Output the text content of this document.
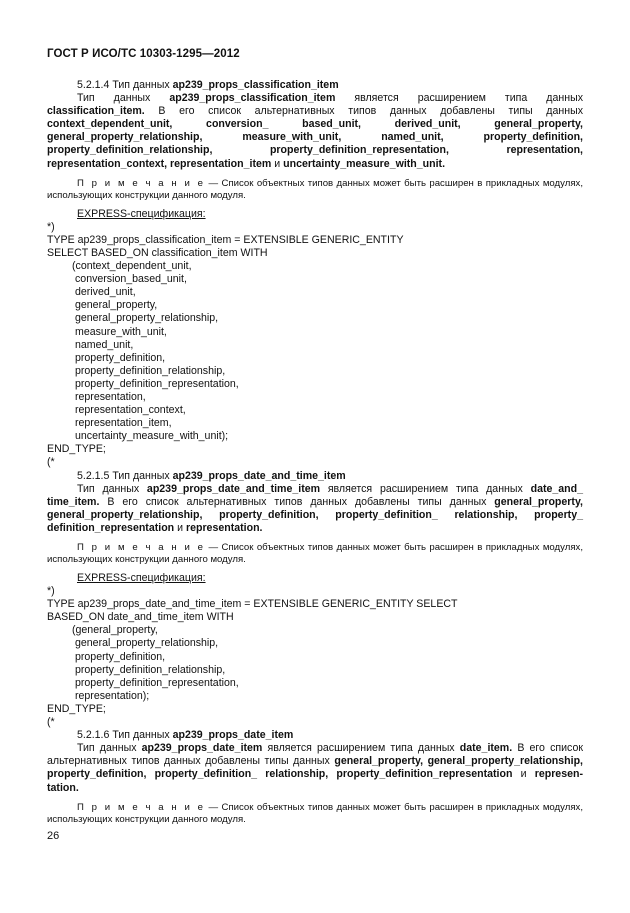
ГОСТ Р ИСО/ТС 10303-1295—2012
5.2.1.4 Тип данных ap239_props_classification_item

Тип данных ap239_props_classification_item является расширением типа данных classification_item. В его список альтернативных типов данных добавлены типы данных context_dependent_unit, conversion_ based_unit, derived_unit, general_property, general_property_relationship, measure_with_unit, named_unit, property_definition, property_definition_relationship, property_definition_representation, representation, representation_context, representation_item и uncertainty_measure_with_unit.

П р и м е ч а н и е — Список объектных типов данных может быть расширен в прикладных модулях, использующих конструкции данного модуля.

EXPRESS-спецификация:
*)
TYPE ap239_props_classification_item = EXTENSIBLE GENERIC_ENTITY
SELECT BASED_ON classification_item WITH
(context_dependent_unit,
conversion_based_unit,
derived_unit,
general_property,
general_property_relationship,
measure_with_unit,
named_unit,
property_definition,
property_definition_relationship,
property_definition_representation,
representation,
representation_context,
representation_item,
uncertainty_measure_with_unit);
END_TYPE;
(*
5.2.1.5 Тип данных ap239_props_date_and_time_item

Тип данных ap239_props_date_and_time_item является расширением типа данных date_and_ time_item. В его список альтернативных типов данных добавлены типы данных general_property, general_property_relationship, property_definition, property_definition_ relationship, property_ definition_representation и representation.

П р и м е ч а н и е — Список объектных типов данных может быть расширен в прикладных модулях, использующих конструкции данного модуля.

EXPRESS-спецификация:
*)
TYPE ap239_props_date_and_time_item = EXTENSIBLE GENERIC_ENTITY SELECT
BASED_ON date_and_time_item WITH
(general_property,
general_property_relationship,
property_definition,
property_definition_relationship,
property_definition_representation,
representation);
END_TYPE;
(*
5.2.1.6 Тип данных ap239_props_date_item

Тип данных ap239_props_date_item является расширением типа данных date_item. В его список альтернативных типов данных добавлены типы данных general_property, general_property_relationship, property_definition, property_definition_ relationship, property_definition_representation и represen- tation.

П р и м е ч а н и е — Список объектных типов данных может быть расширен в прикладных модулях, использующих конструкции данного модуля.

26
